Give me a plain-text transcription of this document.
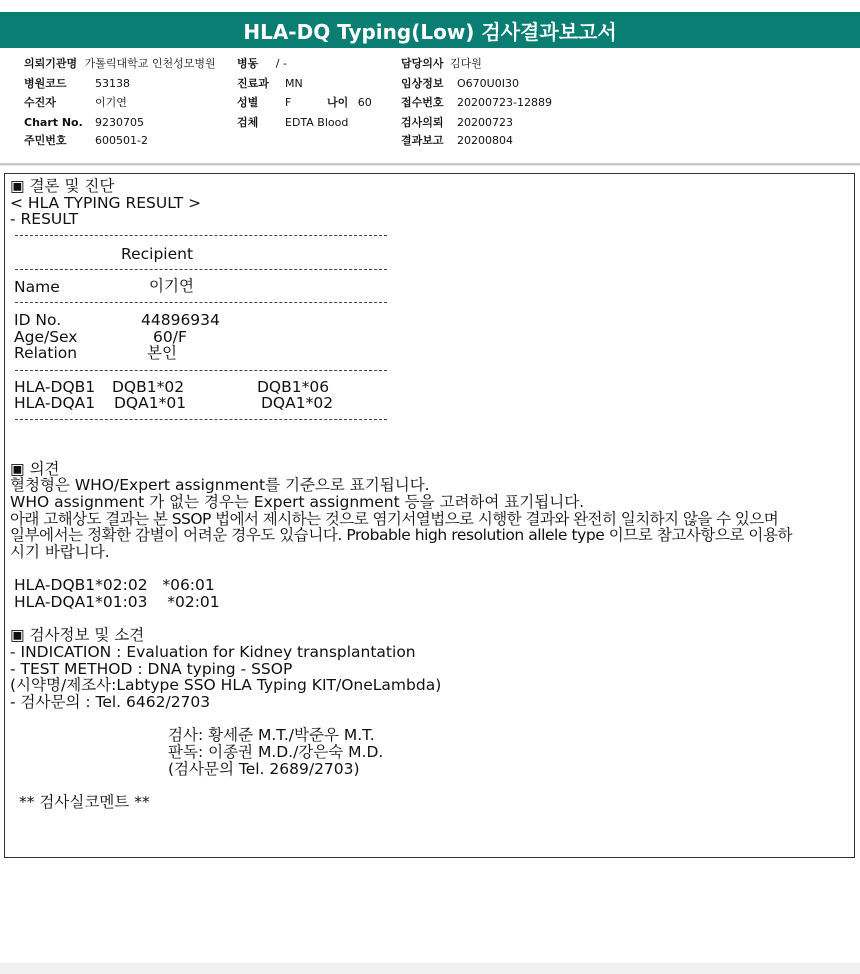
HLA-DQ Typing(Low) 검사결과보고서
의뢰기관명 가톨릭대학교 인천성모병원 병동 / -	담당의사 김다원
병원코드	53138	진료과 MN	임상정보 O670U0I30
수진자	이기연	성별 F	나이 60	접수번호 20200723-12889
Chart No. 9230705	검체 EDTA Blood	검사의뢰 20200723
주민번호	600501-2	결과보고 20200804
▣ 결론 및 진단
< HLA TYPING RESULT >
- RESULT
Recipient
Name	이기연
ID No.	44896934
Age/Sex	60/F
Relation	본인
HLA-DQB1 DQB1*02	DQB1*06
HLA-DQA1 DQA1*01	DQA1*02
▣ 의견
혈청형은 WHO/Expert assignment를 기준으로 표기됩니다.
WHO assignment 가 없는 경우는 Expert assignment 등을 고려하여 표기됩니다.
아래 고해상도 결과는 본 SSOP 법에서 제시하는 것으로 염기서열법으로 시행한 결과와 완전히 일치하지 않을 수 있으며
일부에서는 정확한 감별이 어려운 경우도 있습니다. Probable high resolution allele type 이므로 참고사항으로 이용하
시기 바랍니다.
HLA-DQB1*02:02   *06:01
HLA-DQA1*01:03    *02:01
▣ 검사정보 및 소견
- INDICATION : Evaluation for Kidney transplantation
- TEST METHOD : DNA typing - SSOP
(시약명/제조사:Labtype SSO HLA Typing KIT/OneLambda)
- 검사문의 : Tel. 6462/2703
검사: 황세준 M.T./박준우 M.T.
판독: 이종권 M.D./강은숙 M.D.
(검사문의 Tel. 2689/2703)
** 검사실코멘트 **
